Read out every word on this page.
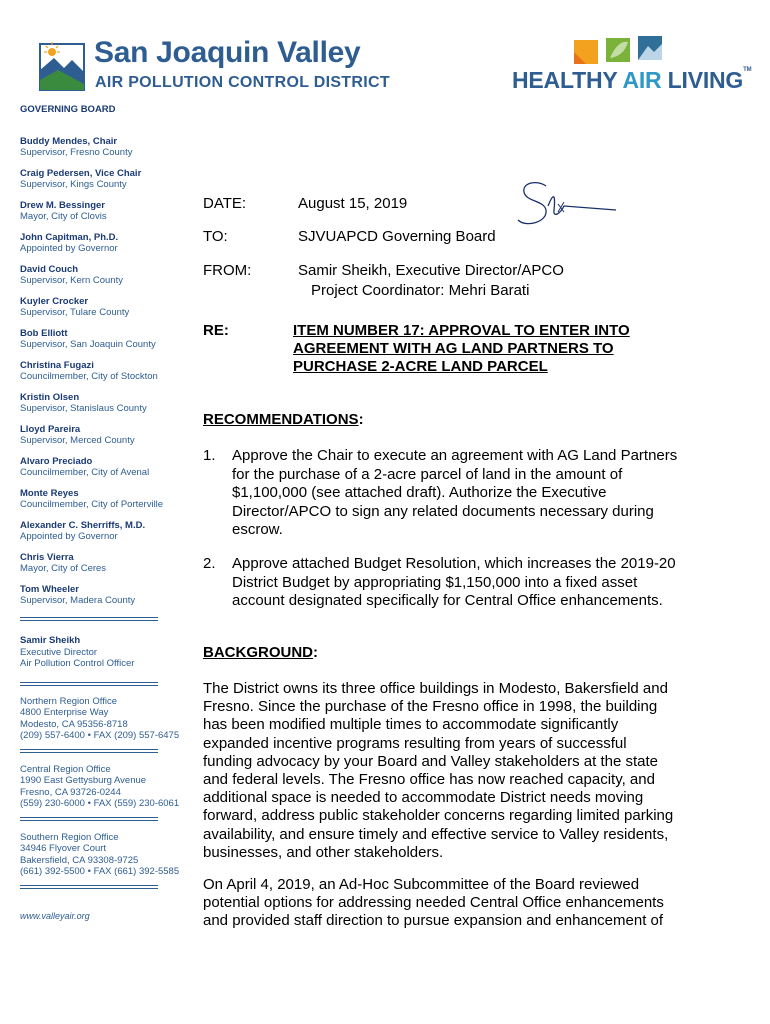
San Joaquin Valley
AIR POLLUTION CONTROL DISTRICT	HEALTHY AIR LIVING™
GOVERNING BOARD
Buddy Mendes, Chair
Supervisor, Fresno County
Craig Pedersen, Vice Chair
Supervisor, Kings County
Drew M. Bessinger
Mayor, City of Clovis
John Capitman, Ph.D.
Appointed by Governor
David Couch
Supervisor, Kern County
Kuyler Crocker
Supervisor, Tulare County
Bob Elliott
Supervisor, San Joaquin County
Christina Fugazi
Councilmember, City of Stockton
Kristin Olsen
Supervisor, Stanislaus County
Lloyd Pareira
Supervisor, Merced County
Alvaro Preciado
Councilmember, City of Avenal
Monte Reyes
Councilmember, City of Porterville
Alexander C. Sherriffs, M.D.
Appointed by Governor
Chris Vierra
Mayor, City of Ceres
Tom Wheeler
Supervisor, Madera County
Samir Sheikh
Executive Director
Air Pollution Control Officer
Northern Region Office
4800 Enterprise Way
Modesto, CA 95356-8718
(209) 557-6400 • FAX (209) 557-6475
Central Region Office
1990 East Gettysburg Avenue
Fresno, CA 93726-0244
(559) 230-6000 • FAX (559) 230-6061
Southern Region Office
34946 Flyover Court
Bakersfield, CA 93308-9725
(661) 392-5500 • FAX (661) 392-5585
www.valleyair.org
DATE:	August 15, 2019
TO:	SJVUAPCD Governing Board
FROM:	Samir Sheikh, Executive Director/APCO
Project Coordinator: Mehri Barati
RE:	ITEM NUMBER 17: APPROVAL TO ENTER INTO
AGREEMENT WITH AG LAND PARTNERS TO
PURCHASE 2-ACRE LAND PARCEL
RECOMMENDATIONS:
1. Approve the Chair to execute an agreement with AG Land Partners for the purchase of a 2-acre parcel of land in the amount of $1,100,000 (see attached draft). Authorize the Executive Director/APCO to sign any related documents necessary during escrow.
2. Approve attached Budget Resolution, which increases the 2019-20 District Budget by appropriating $1,150,000 into a fixed asset account designated specifically for Central Office enhancements.
BACKGROUND:
The District owns its three office buildings in Modesto, Bakersfield and Fresno. Since the purchase of the Fresno office in 1998, the building has been modified multiple times to accommodate significantly expanded incentive programs resulting from years of successful funding advocacy by your Board and Valley stakeholders at the state and federal levels. The Fresno office has now reached capacity, and additional space is needed to accommodate District needs moving forward, address public stakeholder concerns regarding limited parking availability, and ensure timely and effective service to Valley residents, businesses, and other stakeholders.
On April 4, 2019, an Ad-Hoc Subcommittee of the Board reviewed potential options for addressing needed Central Office enhancements and provided staff direction to pursue expansion and enhancement of
